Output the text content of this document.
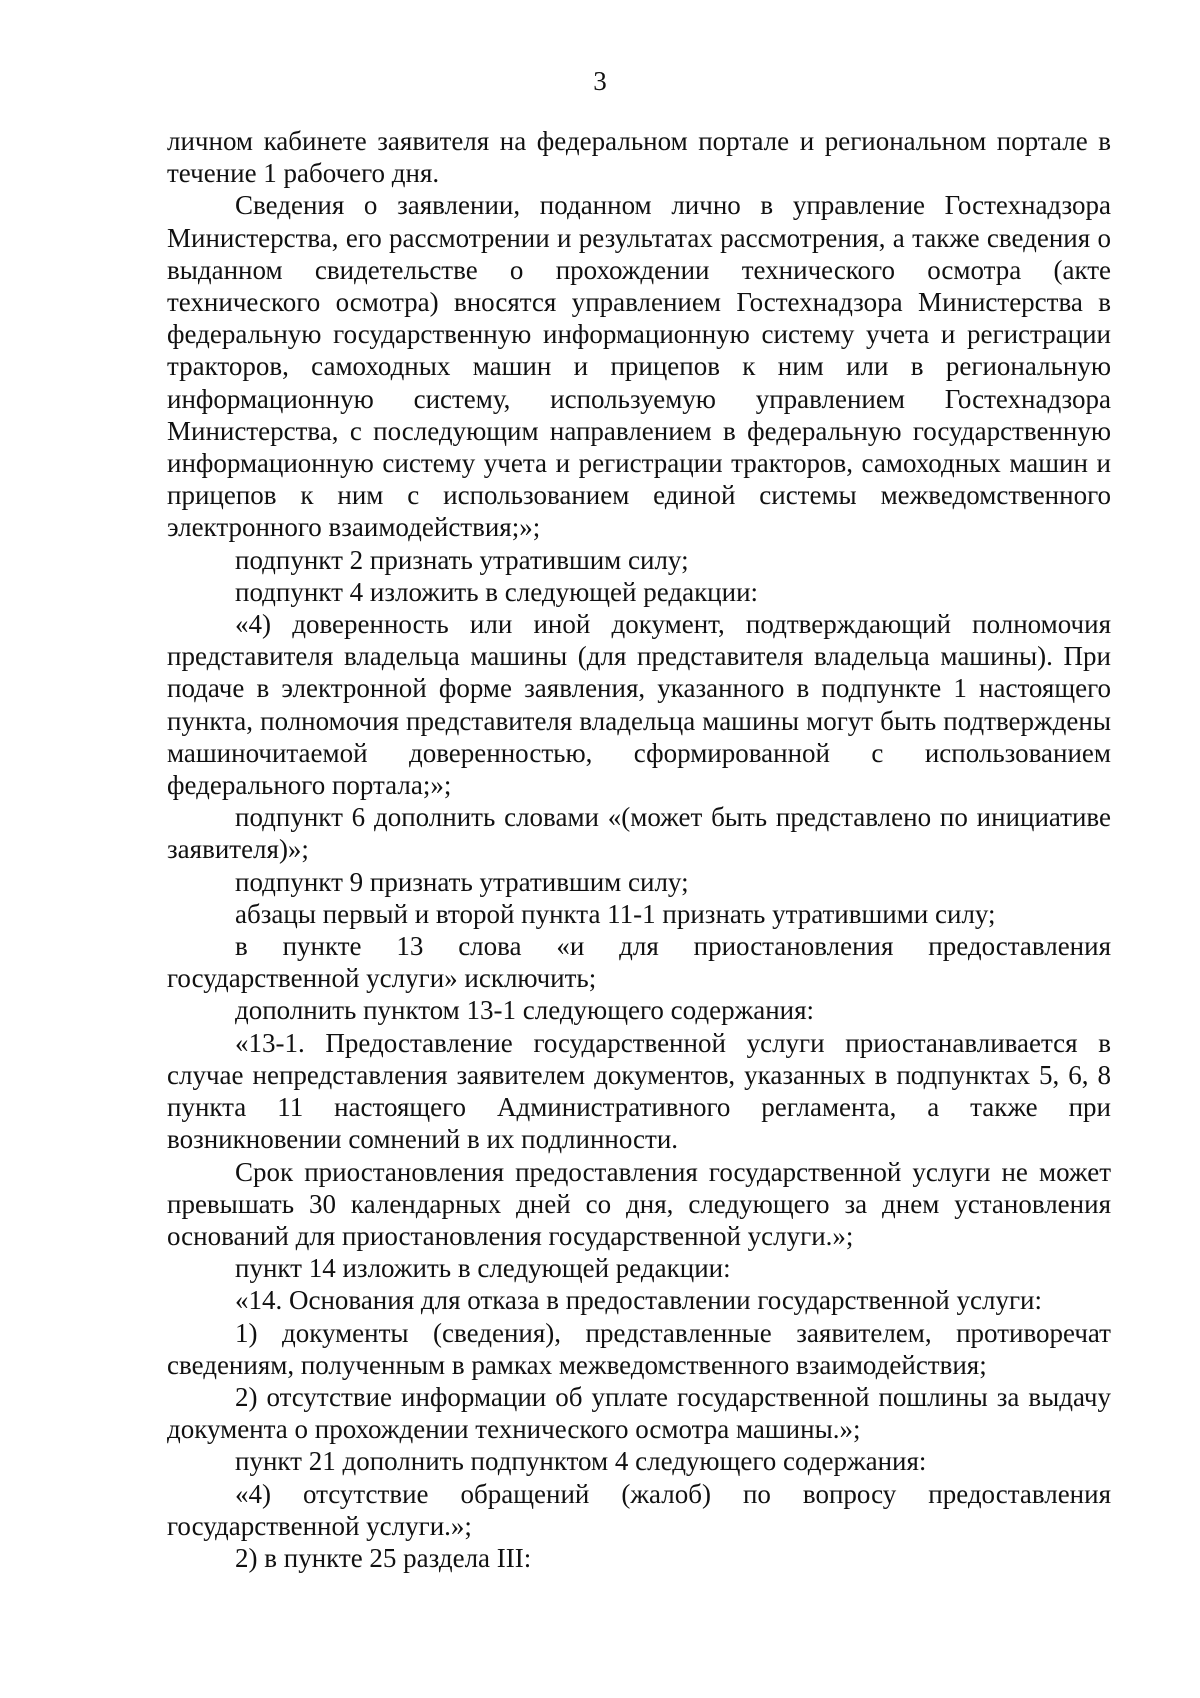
3

личном кабинете заявителя на федеральном портале и региональном портале в течение 1 рабочего дня.

Сведения о заявлении, поданном лично в управление Гостехнадзора Министерства, его рассмотрении и результатах рассмотрения, а также сведения о выданном свидетельстве о прохождении технического осмотра (акте технического осмотра) вносятся управлением Гостехнадзора Министерства в федеральную государственную информационную систему учета и регистрации тракторов, самоходных машин и прицепов к ним или в региональную информационную систему, используемую управлением Гостехнадзора Министерства, с последующим направлением в федеральную государственную информационную систему учета и регистрации тракторов, самоходных машин и прицепов к ним с использованием единой системы межведомственного электронного взаимодействия;»;

подпункт 2 признать утратившим силу;

подпункт 4 изложить в следующей редакции:

«4) доверенность или иной документ, подтверждающий полномочия представителя владельца машины (для представителя владельца машины). При подаче в электронной форме заявления, указанного в подпункте 1 настоящего пункта, полномочия представителя владельца машины могут быть подтверждены машиночитаемой доверенностью, сформированной с использованием федерального портала;»;

подпункт 6 дополнить словами «(может быть представлено по инициативе заявителя)»;

подпункт 9 признать утратившим силу;

абзацы первый и второй пункта 11-1 признать утратившими силу;

в пункте 13 слова «и для приостановления предоставления государственной услуги» исключить;

дополнить пунктом 13-1 следующего содержания:

«13-1. Предоставление государственной услуги приостанавливается в случае непредставления заявителем документов, указанных в подпунктах 5, 6, 8 пункта 11 настоящего Административного регламента, а также при возникновении сомнений в их подлинности.

Срок приостановления предоставления государственной услуги не может превышать 30 календарных дней со дня, следующего за днем установления оснований для приостановления государственной услуги.»;

пункт 14 изложить в следующей редакции:

«14. Основания для отказа в предоставлении государственной услуги:

1) документы (сведения), представленные заявителем, противоречат сведениям, полученным в рамках межведомственного взаимодействия;

2) отсутствие информации об уплате государственной пошлины за выдачу документа о прохождении технического осмотра машины.»;

пункт 21 дополнить подпунктом 4 следующего содержания:

«4) отсутствие обращений (жалоб) по вопросу предоставления государственной услуги.»;

2) в пункте 25 раздела III:
